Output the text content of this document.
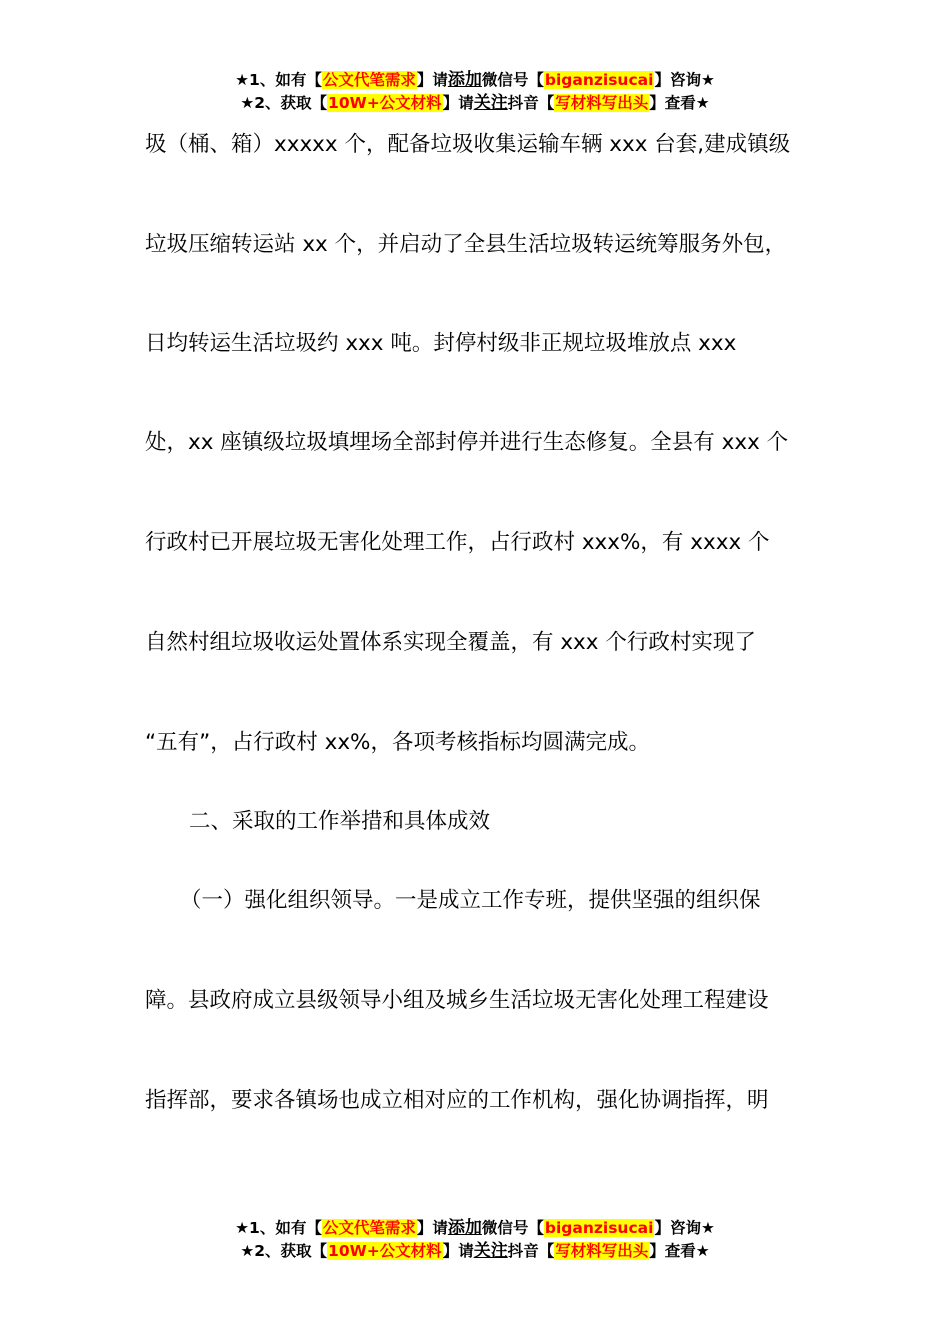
★1、如有【公文代笔需求】请添加微信号【biganzisucai】咨询★
★2、获取【10W+公文材料】请关注抖音【写材料写出头】查看★
圾（桶、箱）xxxxx 个，配备垃圾收集运输车辆 xxx 台套,建成镇级
垃圾压缩转运站 xx 个，并启动了全县生活垃圾转运统筹服务外包，
日均转运生活垃圾约 xxx 吨。封停村级非正规垃圾堆放点 xxx
处，xx 座镇级垃圾填埋场全部封停并进行生态修复。全县有 xxx 个
行政村已开展垃圾无害化处理工作，占行政村 xxx%，有 xxxx 个
自然村组垃圾收运处置体系实现全覆盖，有 xxx 个行政村实现了
“五有”，占行政村 xx%，各项考核指标均圆满完成。
二、采取的工作举措和具体成效
（一）强化组织领导。一是成立工作专班，提供坚强的组织保
障。县政府成立县级领导小组及城乡生活垃圾无害化处理工程建设
指挥部，要求各镇场也成立相对应的工作机构，强化协调指挥，明
★1、如有【公文代笔需求】请添加微信号【biganzisucai】咨询★
★2、获取【10W+公文材料】请关注抖音【写材料写出头】查看★
